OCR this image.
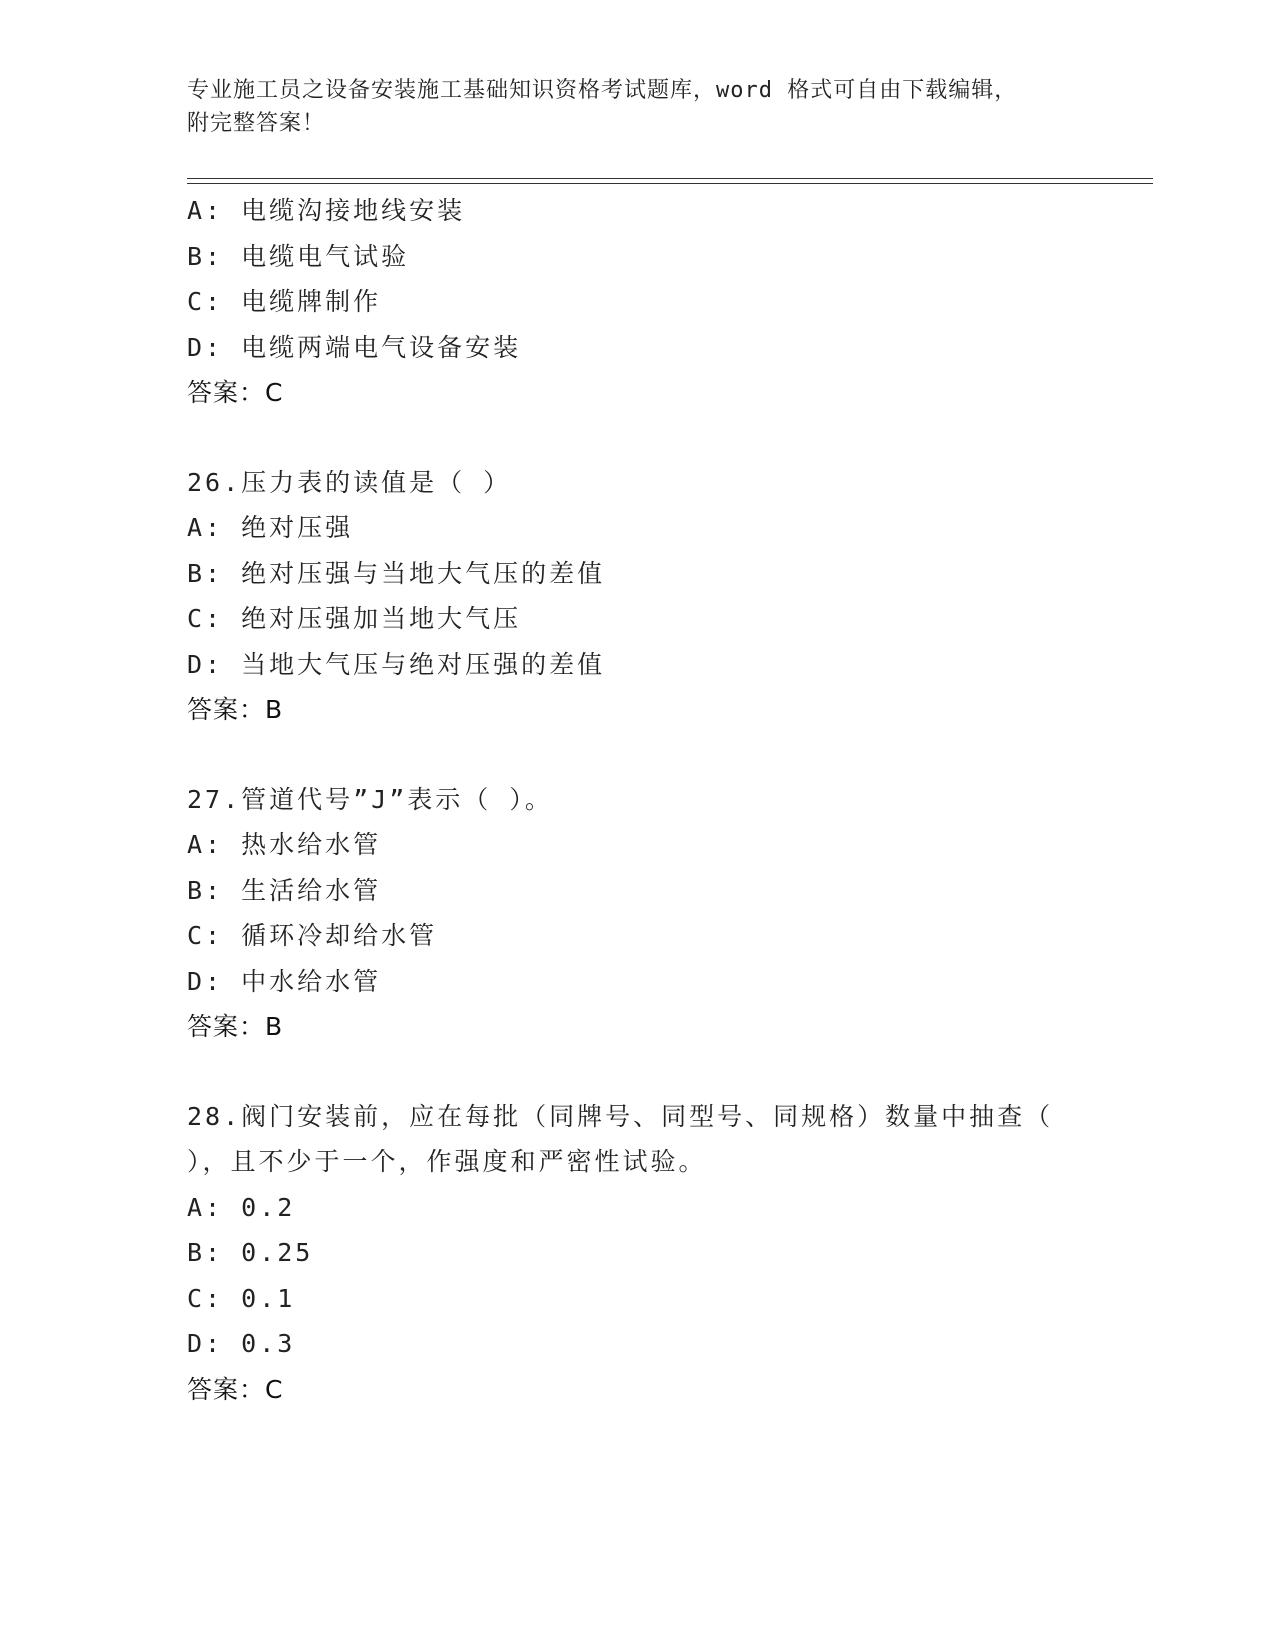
专业施工员之设备安装施工基础知识资格考试题库，word 格式可自由下载编辑，
附完整答案！
A: 电缆沟接地线安装
B: 电缆电气试验
C: 电缆牌制作
D: 电缆两端电气设备安装
答案：C
26.压力表的读值是（ ）
A: 绝对压强
B: 绝对压强与当地大气压的差值
C: 绝对压强加当地大气压
D: 当地大气压与绝对压强的差值
答案：B
27.管道代号”J”表示（ ）。
A: 热水给水管
B: 生活给水管
C: 循环冷却给水管
D: 中水给水管
答案：B
28.阀门安装前，应在每批（同牌号、同型号、同规格）数量中抽查（
），且不少于一个，作强度和严密性试验。
A: 0.2
B: 0.25
C: 0.1
D: 0.3
答案：C
